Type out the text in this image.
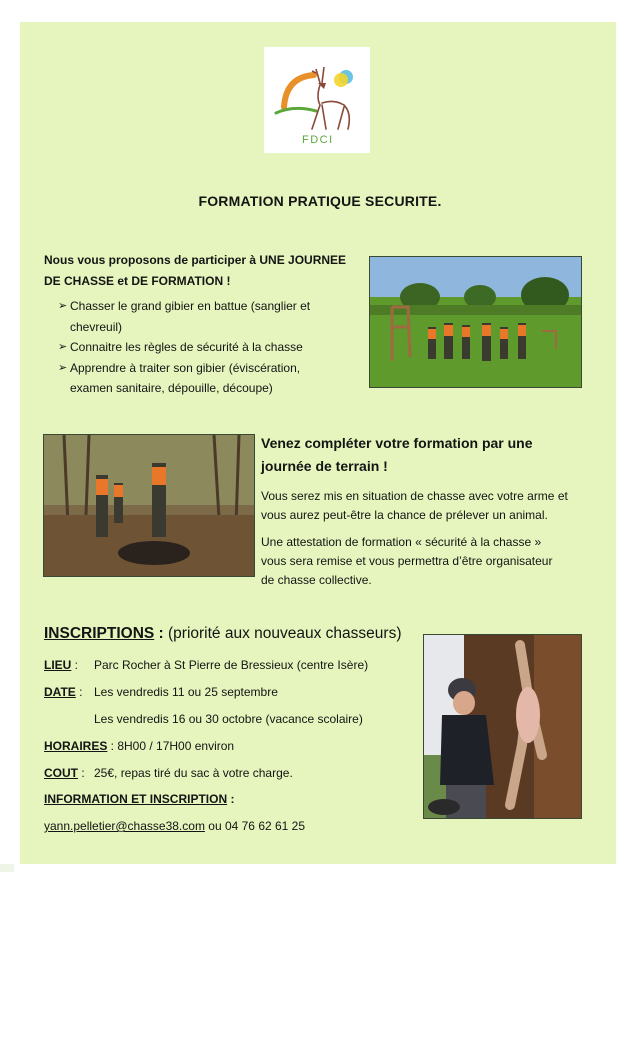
FDCI
FORMATION PRATIQUE SECURITE.
Nous vous proposons de participer à UNE JOURNEE
DE CHASSE et DE FORMATION !
➢ Chasser le grand gibier en battue (sanglier et
chevreuil)
➢ Connaitre les règles de sécurité à la chasse
➢ Apprendre à traiter son gibier (éviscération,
examen sanitaire, dépouille, découpe)
Venez compléter votre formation par une
journée de terrain !
Vous serez mis en situation de chasse avec votre arme et
vous aurez peut-être la chance de prélever un animal.
Une attestation de formation « sécurité à la chasse »
vous sera remise et vous permettra d’être organisateur
de chasse collective.
INSCRIPTIONS : (priorité aux nouveaux chasseurs)
LIEU : Parc Rocher à St Pierre de Bressieux (centre Isère)
DATE : Les vendredis 11 ou 25 septembre
Les vendredis 16 ou 30 octobre (vacance scolaire)
HORAIRES : 8H00 / 17H00 environ
COUT : 25€, repas tiré du sac à votre charge.
INFORMATION ET INSCRIPTION :
yann.pelletier@chasse38.com ou 04 76 62 61 25
